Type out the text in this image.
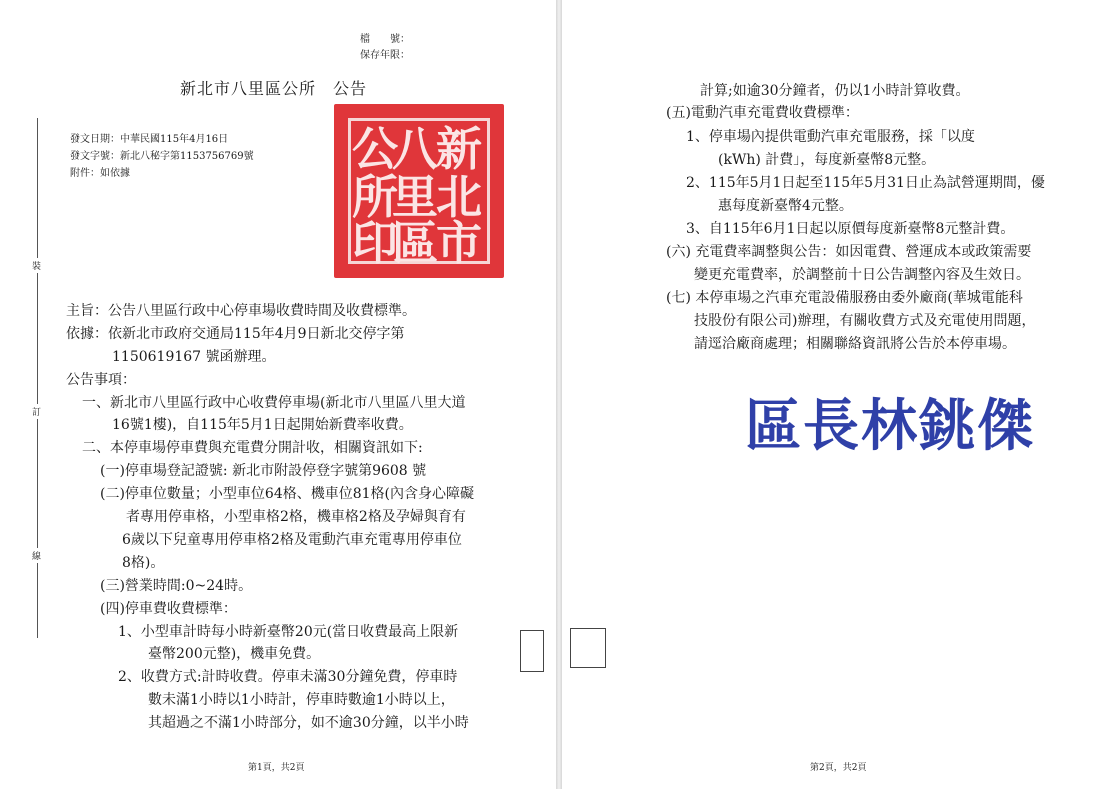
檔　　號：
保存年限：
新北市八里區公所　公告
發文日期：中華民國115年4月16日
發文字號：新北八秘字第1153756769號
附件：如依據
裝
訂
線
新
北
市
八
里
區
公
所
印
主旨：公告八里區行政中心停車場收費時間及收費標準。
依據：依新北市政府交通局115年4月9日新北交停字第
1150619167 號函辦理。
公告事項：
一、新北市八里區行政中心收費停車場(新北市八里區八里大道
16號1樓)，自115年5月1日起開始新費率收費。
二、本停車場停車費與充電費分開計收，相關資訊如下:
(一)停車場登記證號: 新北市附設停登字號第9608 號
(二)停車位數量；小型車位64格、機車位81格(內含身心障礙
者專用停車格，小型車格2格，機車格2格及孕婦與育有
6歲以下兒童專用停車格2格及電動汽車充電專用停車位
8格)。
(三)營業時間:0~24時。
(四)停車費收費標準：
1、小型車計時每小時新臺幣20元(當日收費最高上限新
臺幣200元整)，機車免費。
2、收費方式:計時收費。停車未滿30分鐘免費，停車時
數未滿1小時以1小時計，停車時數逾1小時以上，
其超過之不滿1小時部分，如不逾30分鐘，以半小時
第1頁，共2頁
計算;如逾30分鐘者，仍以1小時計算收費。
(五)電動汽車充電費收費標準：
1、停車場內提供電動汽車充電服務，採「以度
(kWh) 計費」，每度新臺幣8元整。
2、115年5月1日起至115年5月31日止為試營運期間，優
惠每度新臺幣4元整。
3、自115年6月1日起以原價每度新臺幣8元整計費。
(六) 充電費率調整與公告：如因電費、營運成本或政策需要
變更充電費率，於調整前十日公告調整內容及生效日。
(七) 本停車場之汽車充電設備服務由委外廠商(華城電能科
技股份有限公司)辦理，有關收費方式及充電使用問題，
請逕洽廠商處理；相關聯絡資訊將公告於本停車場。
第2頁，共2頁
區長林銚傑
